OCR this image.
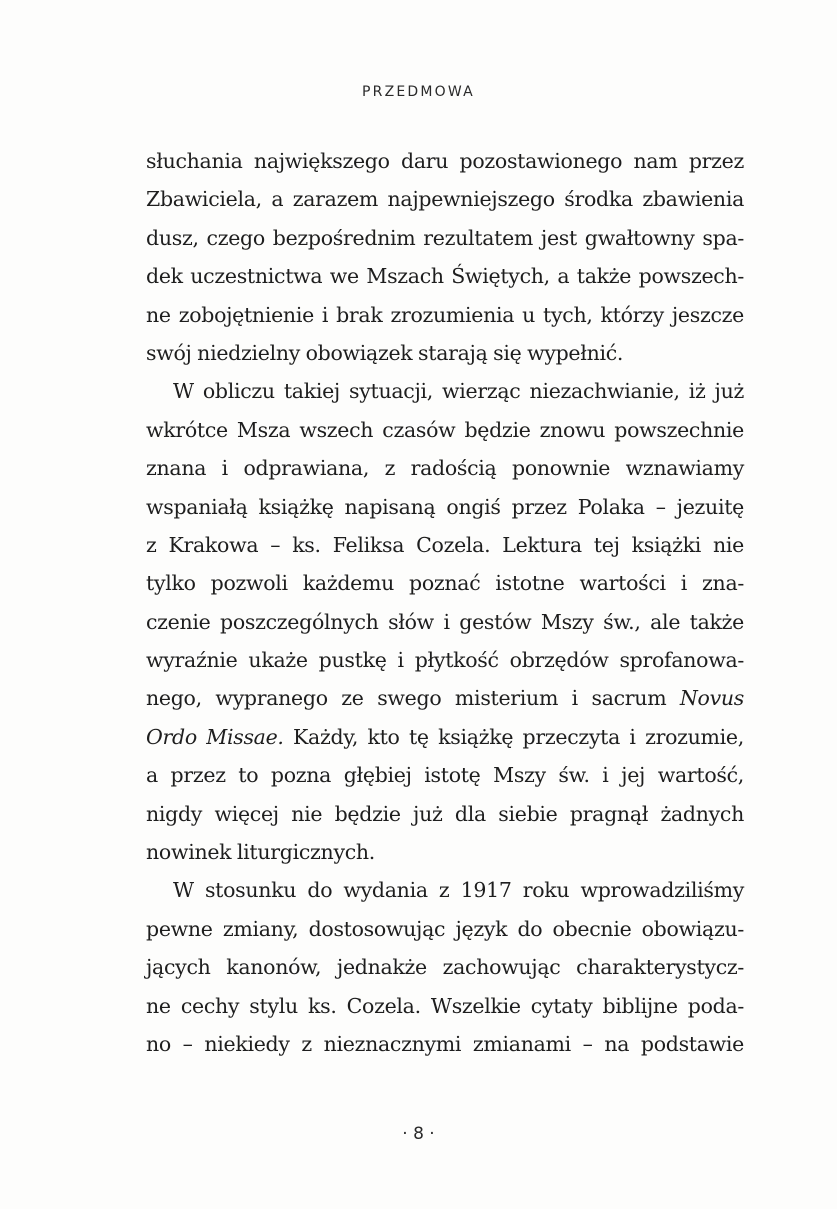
PRZEDMOWA
słuchania największego daru pozostawionego nam przez
Zbawiciela, a zarazem najpewniejszego środka zbawienia
dusz, czego bezpośrednim rezultatem jest gwałtowny spa-
dek uczestnictwa we Mszach Świętych, a także powszech-
ne zobojętnienie i brak zrozumienia u tych, którzy jeszcze
swój niedzielny obowiązek starają się wypełnić.
W obliczu takiej sytuacji, wierząc niezachwianie, iż już
wkrótce Msza wszech czasów będzie znowu powszechnie
znana i odprawiana, z radością ponownie wznawiamy
wspaniałą książkę napisaną ongiś przez Polaka – jezuitę
z Krakowa – ks. Feliksa Cozela. Lektura tej książki nie
tylko pozwoli każdemu poznać istotne wartości i zna-
czenie poszczególnych słów i gestów Mszy św., ale także
wyraźnie ukaże pustkę i płytkość obrzędów sprofanowa-
nego, wypranego ze swego misterium i sacrum Novus
Ordo Missae. Każdy, kto tę książkę przeczyta i zrozumie,
a przez to pozna głębiej istotę Mszy św. i jej wartość,
nigdy więcej nie będzie już dla siebie pragnął żadnych
nowinek liturgicznych.
W stosunku do wydania z 1917 roku wprowadziliśmy
pewne zmiany, dostosowując język do obecnie obowiązu-
jących kanonów, jednakże zachowując charakterystycz-
ne cechy stylu ks. Cozela. Wszelkie cytaty biblijne poda-
no – niekiedy z nieznacznymi zmianami – na podstawie
· 8 ·
